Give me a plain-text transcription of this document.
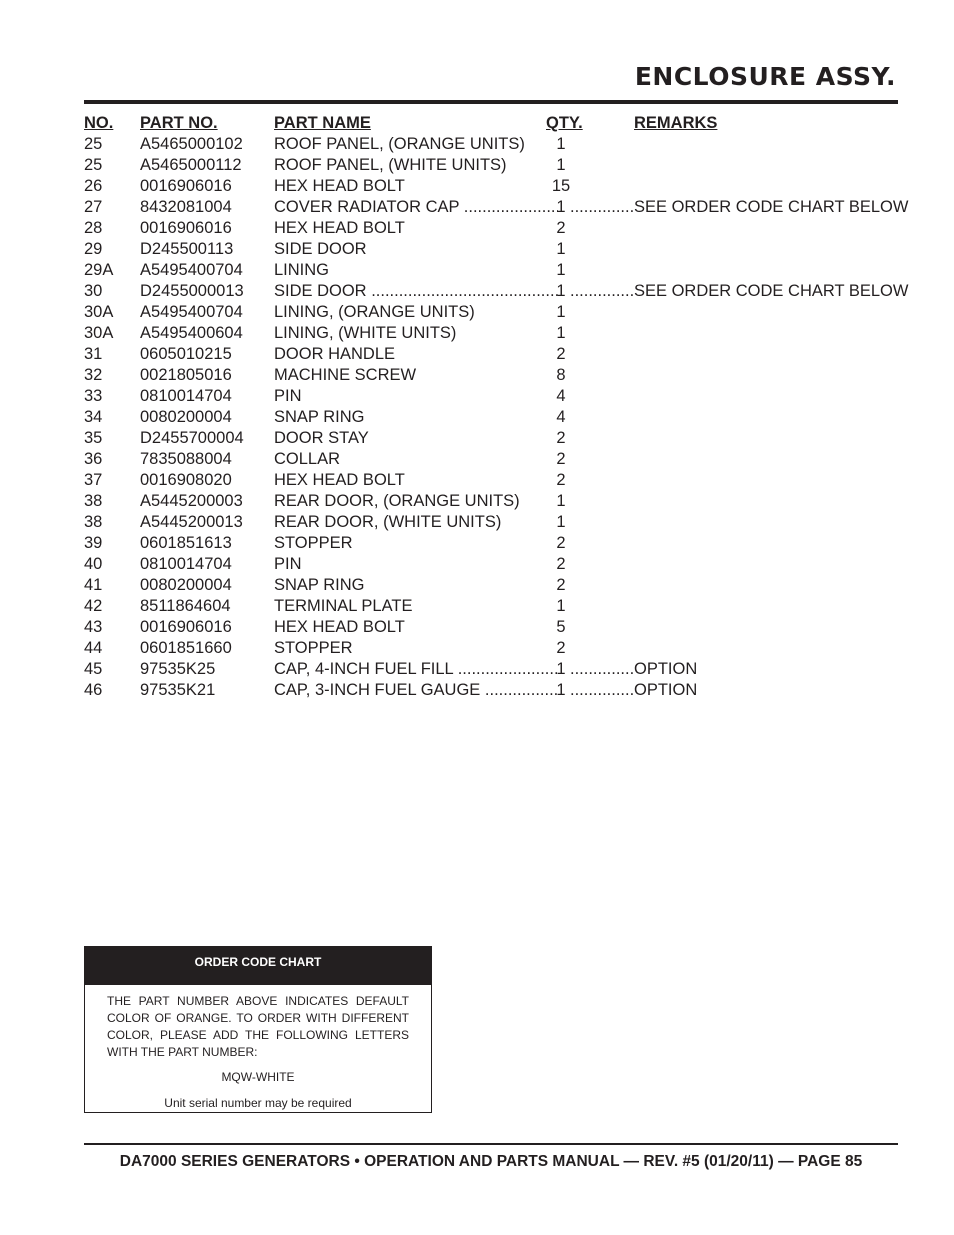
ENCLOSURE ASSY.
NO. PART NO.	PART NAME	QTY.	REMARKS
25 A5465000102 ROOF PANEL, (ORANGE UNITS)	1
25 A5465000112 ROOF PANEL, (WHITE UNITS)	1
26 0016906016	HEX HEAD BOLT	15
27 8432081004	COVER RADIATOR CAP .....	1 .....	SEE ORDER CODE CHART BELOW
28 0016906016	HEX HEAD BOLT	2
29 D245500113 SIDE DOOR	1
29A A5495400704 LINING	1
30 D2455000013 SIDE DOOR .....	1 .....	SEE ORDER CODE CHART BELOW
30A A5495400704 LINING, (ORANGE UNITS)	1
30A A5495400604 LINING, (WHITE UNITS)	1
31 0605010215	DOOR HANDLE	2
32 0021805016	MACHINE SCREW	8
33 0810014704	PIN	4
34 0080200004	SNAP RING	4
35 D2455700004 DOOR STAY	2
36 7835088004	COLLAR	2
37 0016908020	HEX HEAD BOLT	2
38 A5445200003 REAR DOOR, (ORANGE UNITS)	1
38 A5445200013 REAR DOOR, (WHITE UNITS)	1
39 0601851613	STOPPER	2
40 0810014704	PIN	2
41 0080200004	SNAP RING	2
42 8511864604	TERMINAL PLATE	1
43 0016906016	HEX HEAD BOLT	5
44 0601851660	STOPPER	2
45 97535K25	CAP, 4-INCH FUEL FILL .....	1 .....	OPTION
46 97535K21	CAP, 3-INCH FUEL GAUGE .....	1 .....	OPTION
ORDER CODE CHART

THE PART NUMBER ABOVE INDICATES DEFAULT COLOR OF ORANGE. TO ORDER WITH DIFFERENT COLOR, PLEASE ADD THE FOLLOWING LETTERS WITH THE PART NUMBER:

MQW-WHITE
Unit serial number may be required
DA7000 SERIES GENERATORS • OPERATION AND PARTS MANUAL — REV. #5 (01/20/11) — PAGE 85
